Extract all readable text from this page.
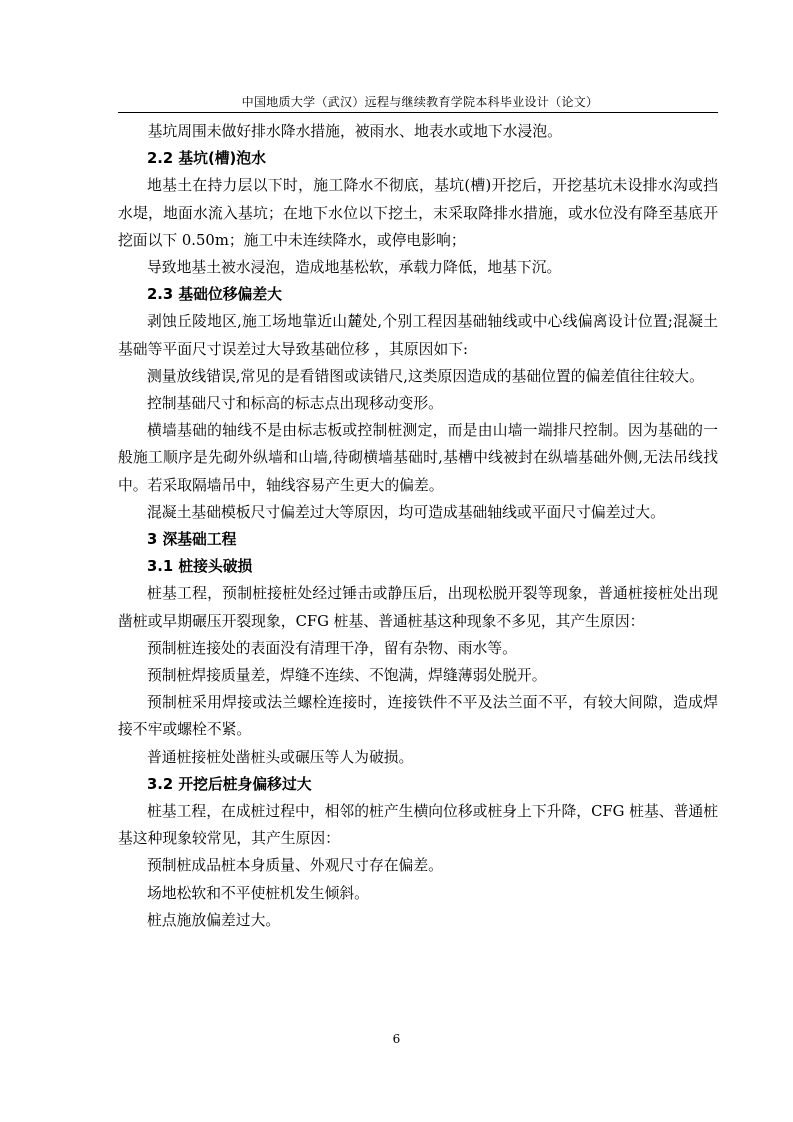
中国地质大学（武汉）远程与继续教育学院本科毕业设计（论文）

　　基坑周围未做好排水降水措施，被雨水、地表水或地下水浸泡。

2.2 基坑(槽)泡水

地基土在持力层以下时，施工降水不彻底，基坑(槽)开挖后，开挖基坑未设排水沟或挡水堤，地面水流入基坑；在地下水位以下挖土，末采取降排水措施，或水位没有降至基底开挖面以下 0.50m；施工中未连续降水，或停电影响；

导致地基土被水浸泡，造成地基松软，承载力降低，地基下沉。

2.3 基础位移偏差大

剥蚀丘陵地区,施工场地靠近山麓处,个别工程因基础轴线或中心线偏离设计位置;混凝土基础等平面尺寸误差过大导致基础位移 ，其原因如下:

测量放线错误,常见的是看错图或读错尺,这类原因造成的基础位置的偏差值往往较大。

控制基础尺寸和标高的标志点出现移动变形。

横墙基础的轴线不是由标志板或控制桩测定，而是由山墙一端排尺控制。因为基础的一般施工顺序是先砌外纵墙和山墙,待砌横墙基础时,基槽中线被封在纵墙基础外侧,无法吊线找中。若采取隔墙吊中，轴线容易产生更大的偏差。

混凝土基础模板尺寸偏差过大等原因，均可造成基础轴线或平面尺寸偏差过大。

3 深基础工程
3.1 桩接头破损

桩基工程，预制桩接桩处经过锤击或静压后，出现松脱开裂等现象，普通桩接桩处出现凿桩或早期碾压开裂现象，CFG 桩基、普通桩基这种现象不多见，其产生原因：

预制桩连接处的表面没有清理干净，留有杂物、雨水等。

预制桩焊接质量差，焊缝不连续、不饱满，焊缝薄弱处脱开。

预制桩采用焊接或法兰螺栓连接时，连接铁件不平及法兰面不平，有较大间隙，造成焊接不牢或螺栓不紧。

普通桩接桩处凿桩头或碾压等人为破损。

3.2 开挖后桩身偏移过大

桩基工程，在成桩过程中，相邻的桩产生横向位移或桩身上下升降，CFG 桩基、普通桩基这种现象较常见，其产生原因：

预制桩成品桩本身质量、外观尺寸存在偏差。

场地松软和不平使桩机发生倾斜。

桩点施放偏差过大。

6
